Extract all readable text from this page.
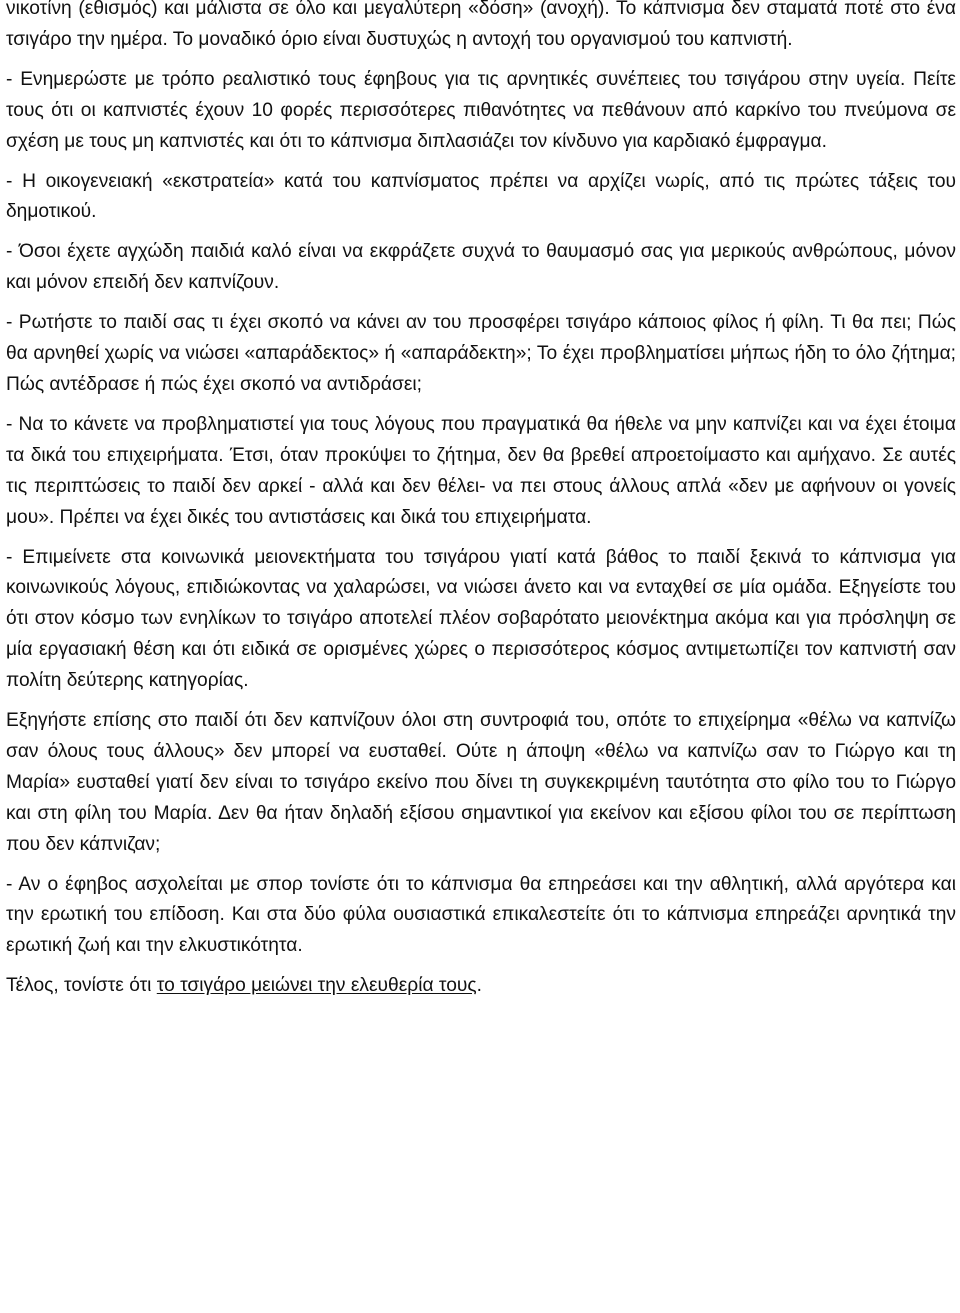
νικοτίνη (εθισμός) και μάλιστα σε όλο και μεγαλύτερη «δόση» (ανοχή). Το κάπνισμα δεν σταματά ποτέ στο ένα τσιγάρο την ημέρα. Το μοναδικό όριο είναι δυστυχώς η αντοχή του οργανισμού του καπνιστή.

- Ενημερώστε με τρόπο ρεαλιστικό τους έφηβους για τις αρνητικές συνέπειες του τσιγάρου στην υγεία. Πείτε τους ότι οι καπνιστές έχουν 10 φορές περισσότερες πιθανότητες να πεθάνουν από καρκίνο του πνεύμονα σε σχέση με τους μη καπνιστές και ότι το κάπνισμα διπλασιάζει τον κίνδυνο για καρδιακό έμφραγμα.

- Η οικογενειακή «εκστρατεία» κατά του καπνίσματος πρέπει να αρχίζει νωρίς, από τις πρώτες τάξεις του δημοτικού.

- Όσοι έχετε αγχώδη παιδιά καλό είναι να εκφράζετε συχνά το θαυμασμό σας για μερικούς ανθρώπους, μόνον και μόνον επειδή δεν καπνίζουν.

- Ρωτήστε το παιδί σας τι έχει σκοπό να κάνει αν του προσφέρει τσιγάρο κάποιος φίλος ή φίλη. Τι θα πει; Πώς θα αρνηθεί χωρίς να νιώσει «απαράδεκτος» ή «απαράδεκτη»; Το έχει προβληματίσει μήπως ήδη το όλο ζήτημα; Πώς αντέδρασε ή πώς έχει σκοπό να αντιδράσει;

- Να το κάνετε να προβληματιστεί για τους λόγους που πραγματικά θα ήθελε να μην καπνίζει και να έχει έτοιμα τα δικά του επιχειρήματα. Έτσι, όταν προκύψει το ζήτημα, δεν θα βρεθεί απροετοίμαστο και αμήχανο. Σε αυτές τις περιπτώσεις το παιδί δεν αρκεί - αλλά και δεν θέλει- να πει στους άλλους απλά «δεν με αφήνουν οι γονείς μου». Πρέπει να έχει δικές του αντιστάσεις και δικά του επιχειρήματα.

- Επιμείνετε στα κοινωνικά μειονεκτήματα του τσιγάρου γιατί κατά βάθος το παιδί ξεκινά το κάπνισμα για κοινωνικούς λόγους, επιδιώκοντας να χαλαρώσει, να νιώσει άνετο και να ενταχθεί σε μία ομάδα. Εξηγείστε του ότι στον κόσμο των ενηλίκων το τσιγάρο αποτελεί πλέον σοβαρότατο μειονέκτημα ακόμα και για πρόσληψη σε μία εργασιακή θέση και ότι ειδικά σε ορισμένες χώρες ο περισσότερος κόσμος αντιμετωπίζει τον καπνιστή σαν πολίτη δεύτερης κατηγορίας.

Εξηγήστε επίσης στο παιδί ότι δεν καπνίζουν όλοι στη συντροφιά του, οπότε το επιχείρημα «θέλω να καπνίζω σαν όλους τους άλλους» δεν μπορεί να ευσταθεί. Ούτε η άποψη «θέλω να καπνίζω σαν το Γιώργο και τη Μαρία» ευσταθεί γιατί δεν είναι το τσιγάρο εκείνο που δίνει τη συγκεκριμένη ταυτότητα στο φίλο του το Γιώργο και στη φίλη του Μαρία. Δεν θα ήταν δηλαδή εξίσου σημαντικοί για εκείνον και εξίσου φίλοι του σε περίπτωση που δεν κάπνιζαν;

- Αν ο έφηβος ασχολείται με σπορ τονίστε ότι το κάπνισμα θα επηρεάσει και την αθλητική, αλλά αργότερα και την ερωτική του επίδοση. Και στα δύο φύλα ουσιαστικά επικαλεστείτε ότι το κάπνισμα επηρεάζει αρνητικά την ερωτική ζωή και την ελκυστικότητα.

Τέλος, τονίστε ότι το τσιγάρο μειώνει την ελευθερία τους.
